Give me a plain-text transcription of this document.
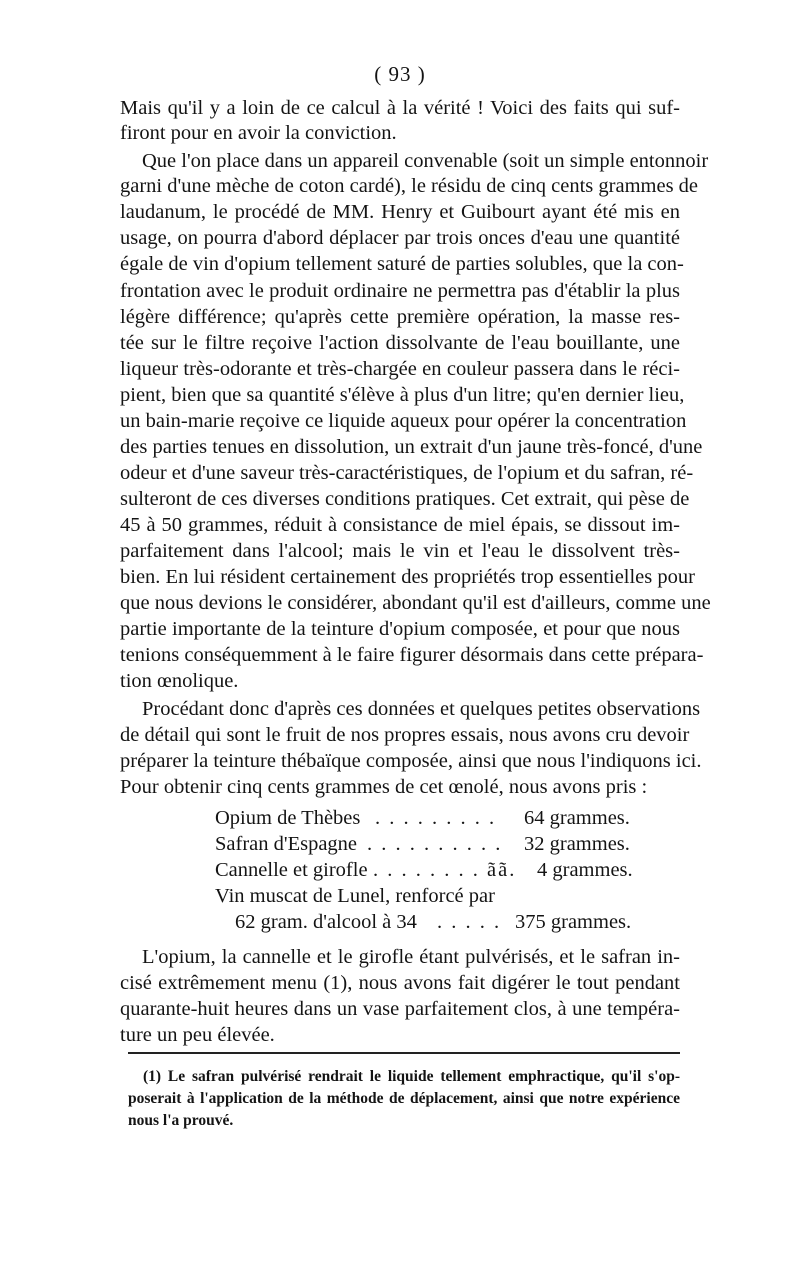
( 93 )
Mais qu'il y a loin de ce calcul à la vérité ! Voici des faits qui suf-
firont pour en avoir la conviction.
Que l'on place dans un appareil convenable (soit un simple entonnoir
garni d'une mèche de coton cardé), le résidu de cinq cents grammes de
laudanum, le procédé de MM. Henry et Guibourt ayant été mis en
usage, on pourra d'abord déplacer par trois onces d'eau une quantité
égale de vin d'opium tellement saturé de parties solubles, que la con-
frontation avec le produit ordinaire ne permettra pas d'établir la plus
légère différence; qu'après cette première opération, la masse res-
tée sur le filtre reçoive l'action dissolvante de l'eau bouillante, une
liqueur très-odorante et très-chargée en couleur passera dans le réci-
pient, bien que sa quantité s'élève à plus d'un litre; qu'en dernier lieu,
un bain-marie reçoive ce liquide aqueux pour opérer la concentration
des parties tenues en dissolution, un extrait d'un jaune très-foncé, d'une
odeur et d'une saveur très-caractéristiques, de l'opium et du safran, ré-
sulteront de ces diverses conditions pratiques. Cet extrait, qui pèse de
45 à 50 grammes, réduit à consistance de miel épais, se dissout im-
parfaitement dans l'alcool; mais le vin et l'eau le dissolvent très-
bien. En lui résident certainement des propriétés trop essentielles pour
que nous devions le considérer, abondant qu'il est d'ailleurs, comme une
partie importante de la teinture d'opium composée, et pour que nous
tenions conséquemment à le faire figurer désormais dans cette prépara-
tion œnolique.
Procédant donc d'après ces données et quelques petites observations
de détail qui sont le fruit de nos propres essais, nous avons cru devoir
préparer la teinture thébaïque composée, ainsi que nous l'indiquons ici.
Pour obtenir cinq cents grammes de cet œnolé, nous avons pris :
Opium de Thèbes . . . . . . . . . 64 grammes.
Safran d'Espagne . . . . . . . . . . 32 grammes.
Cannelle et girofle . . . . . . . . ãã. 4 grammes.
Vin muscat de Lunel, renforcé par
62 gram. d'alcool à 34 . . . . . 375 grammes.
L'opium, la cannelle et le girofle étant pulvérisés, et le safran in-
cisé extrêmement menu (1), nous avons fait digérer le tout pendant
quarante-huit heures dans un vase parfaitement clos, à une tempéra-
ture un peu élevée.
(1) Le safran pulvérisé rendrait le liquide tellement emphractique, qu'il s'op-
poserait à l'application de la méthode de déplacement, ainsi que notre expérience
nous l'a prouvé.
